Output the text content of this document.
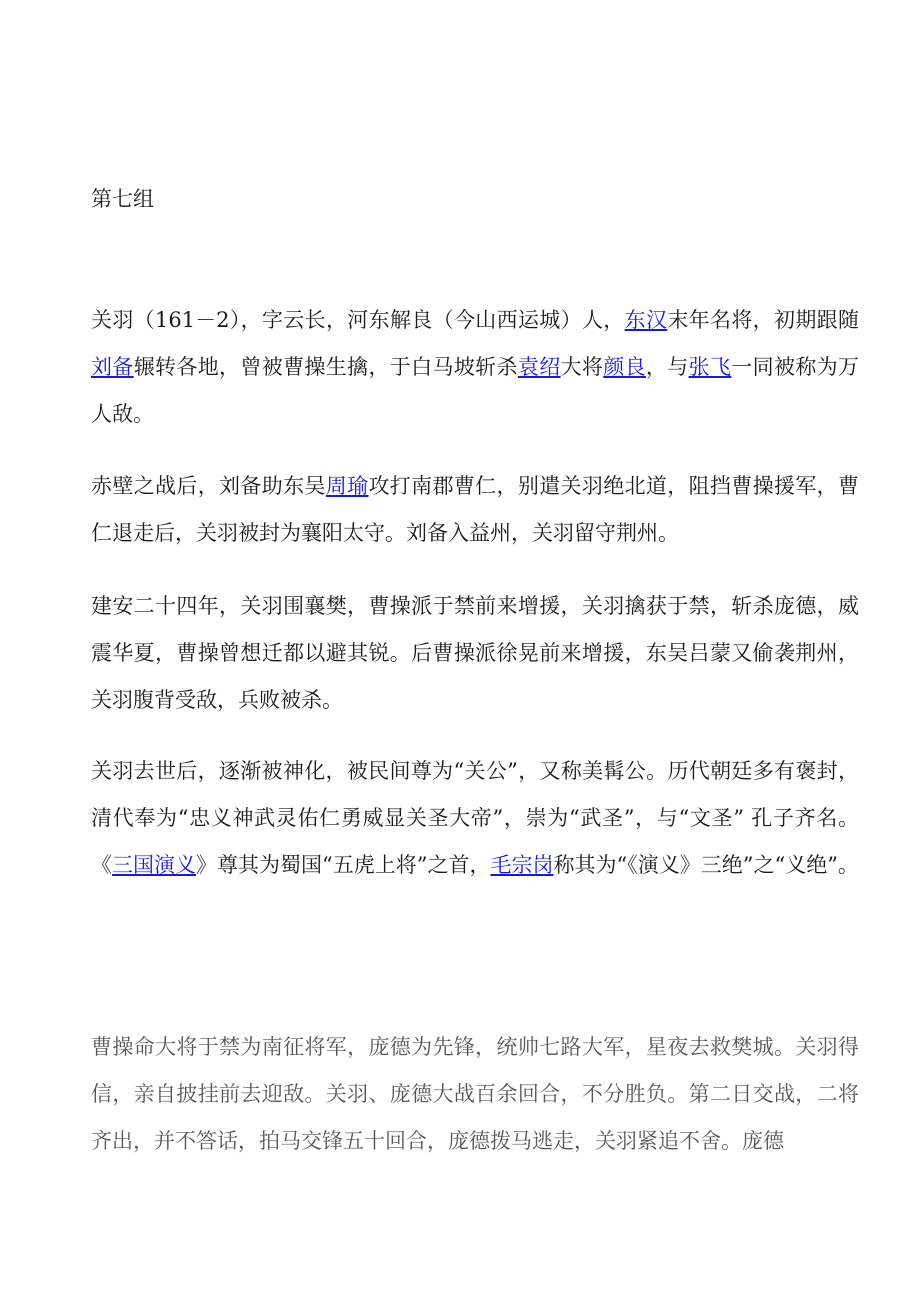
第七组

关羽（161－2），字云长，河东解良（今山西运城）人，东汉末年名将，初期跟随刘备辗转各地，曾被曹操生擒，于白马坡斩杀袁绍大将颜良，与张飞一同被称为万人敌。

赤壁之战后，刘备助东吴周瑜攻打南郡曹仁，别遣关羽绝北道，阻挡曹操援军，曹仁退走后，关羽被封为襄阳太守。刘备入益州，关羽留守荆州。

建安二十四年，关羽围襄樊，曹操派于禁前来增援，关羽擒获于禁，斩杀庞德，威震华夏，曹操曾想迁都以避其锐。后曹操派徐晃前来增援，东吴吕蒙又偷袭荆州，关羽腹背受敌，兵败被杀。

关羽去世后，逐渐被神化，被民间尊为“关公”，又称美髯公。历代朝廷多有褒封，清代奉为“忠义神武灵佑仁勇威显关圣大帝”，崇为“武圣”，与“文圣” 孔子齐名。《三国演义》尊其为蜀国“五虎上将”之首，毛宗岗称其为“《演义》三绝”之“义绝”。

曹操命大将于禁为南征将军，庞德为先锋，统帅七路大军，星夜去救樊城。关羽得信，亲自披挂前去迎敌。关羽、庞德大战百余回合，不分胜负。第二日交战，二将齐出，并不答话，拍马交锋五十回合，庞德拨马逃走，关羽紧追不舍。庞德
